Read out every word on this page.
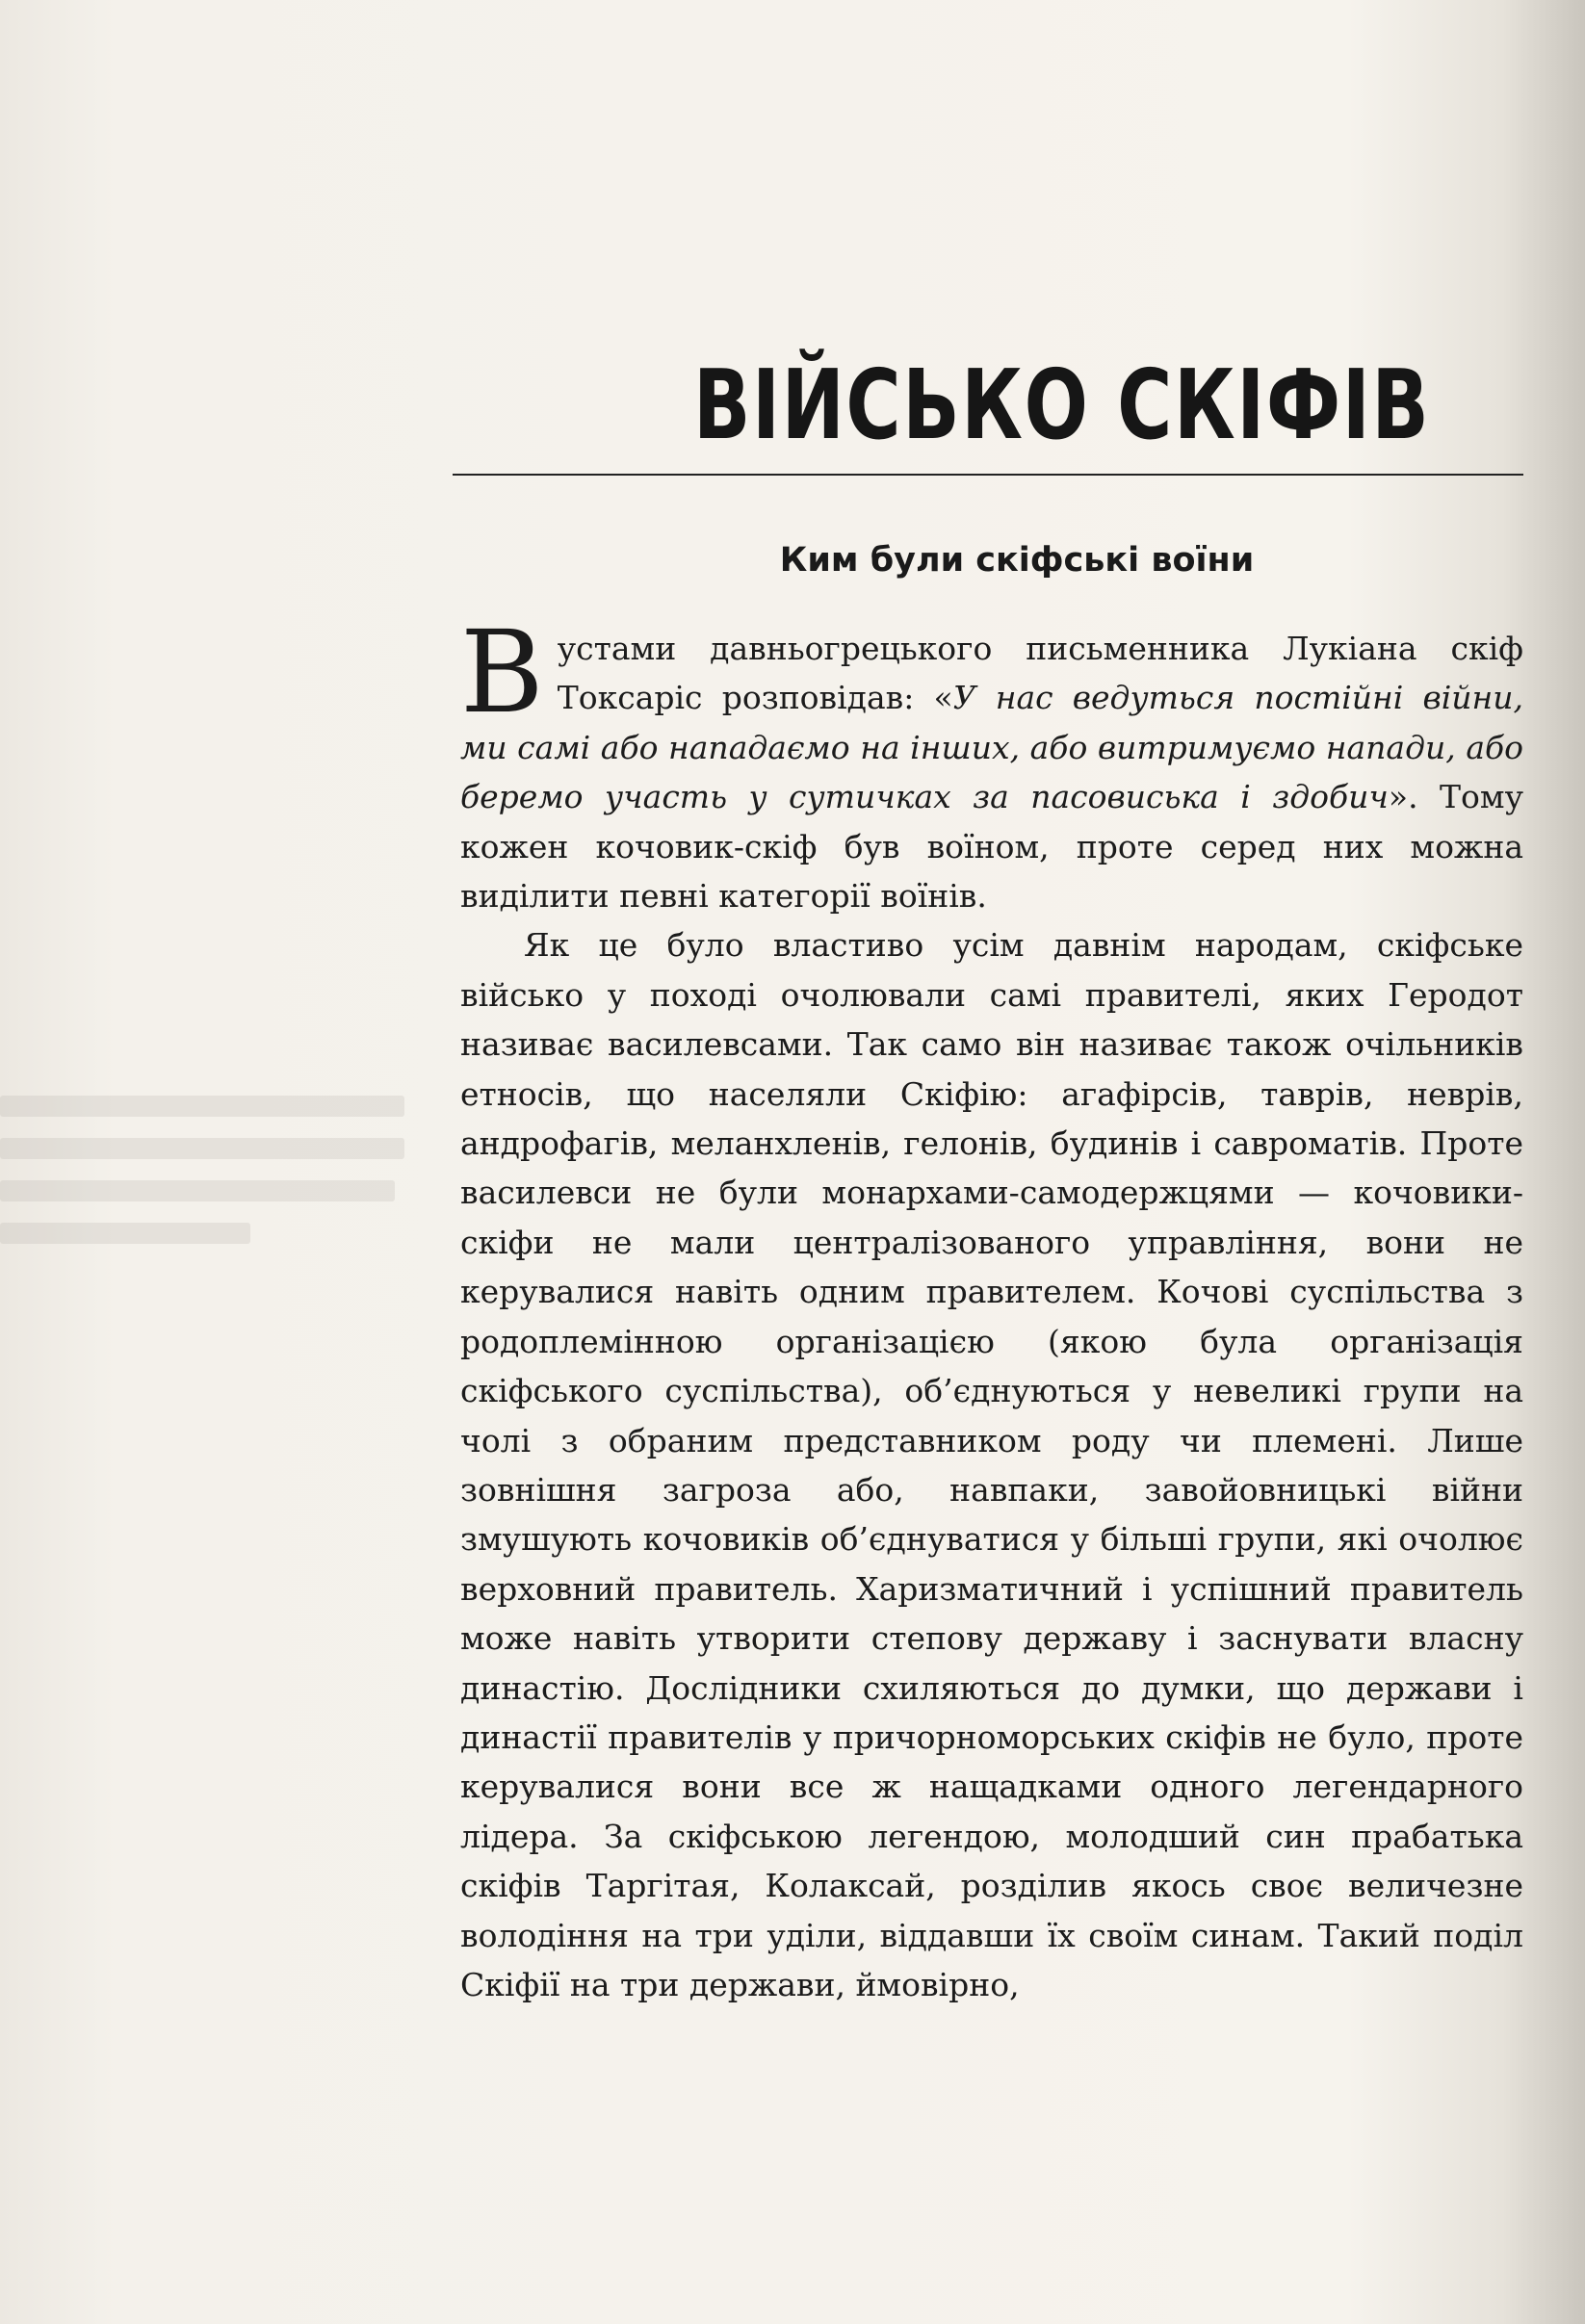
ВІЙСЬКО СКІФІВ
Ким були скіфські воїни

В устами давньогрецького письменника Лукіана скіф Токсаріс розповідав: «У нас ведуться постійні війни, ми самі або нападаємо на інших, або витримуємо напади, або беремо участь у сутичках за пасовиська і здобич». Тому кожен кочовик-скіф був воїном, проте серед них можна виділити певні категорії воїнів.

Як це було властиво усім давнім народам, скіфське військо у поході очолювали самі правителі, яких Геродот називає василевсами. Так само він називає також очільників етносів, що населяли Скіфію: агафірсів, таврів, неврів, андрофагів, меланхленів, гелонів, будинів і савроматів. Проте василевси не були монархами-самодержцями — кочовики-скіфи не мали централізованого управління, вони не керувалися навіть одним правителем. Кочові суспільства з родоплемінною організацією (якою була організація скіфського суспільства), об’єднуються у невеликі групи на чолі з обраним представником роду чи племені. Лише зовнішня загроза або, навпаки, завойовницькі війни змушують кочовиків об’єднуватися у більші групи, які очолює верховний правитель. Харизматичний і успішний правитель може навіть утворити степову державу і заснувати власну династію. Дослідники схиляються до думки, що держави і династії правителів у причорноморських скіфів не було, проте керувалися вони все ж нащадками одного легендарного лідера. За скіфською легендою, молодший син прабатька скіфів Таргітая, Колаксай, розділив якось своє величезне володіння на три уділи, віддавши їх своїм синам. Такий поділ Скіфії на три держави, ймовірно,
